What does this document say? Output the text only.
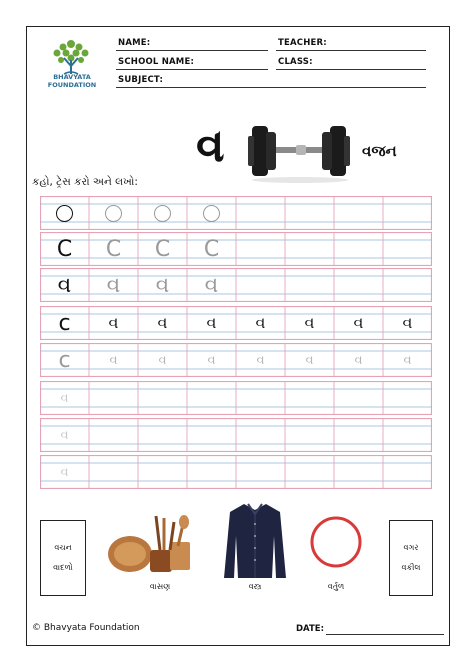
BHAVYATA
FOUNDATION
NAME:	TEACHER:
SCHOOL NAME:	CLASS:
SUBJECT:
વ	વજન
કહો, ટ્રેસ કરો અને લખો:
C C C C
વ વ વ વ
c વ વ વ વ વ વ વ
c	વ	વ	વ	વ	વ	વ	વ
વ
વ
વ
વચન
વાદળો
વગર
વકીલ
વાસણ	વસ્ત્ર	વર્તુળ
© Bhavyata Foundation	DATE:
